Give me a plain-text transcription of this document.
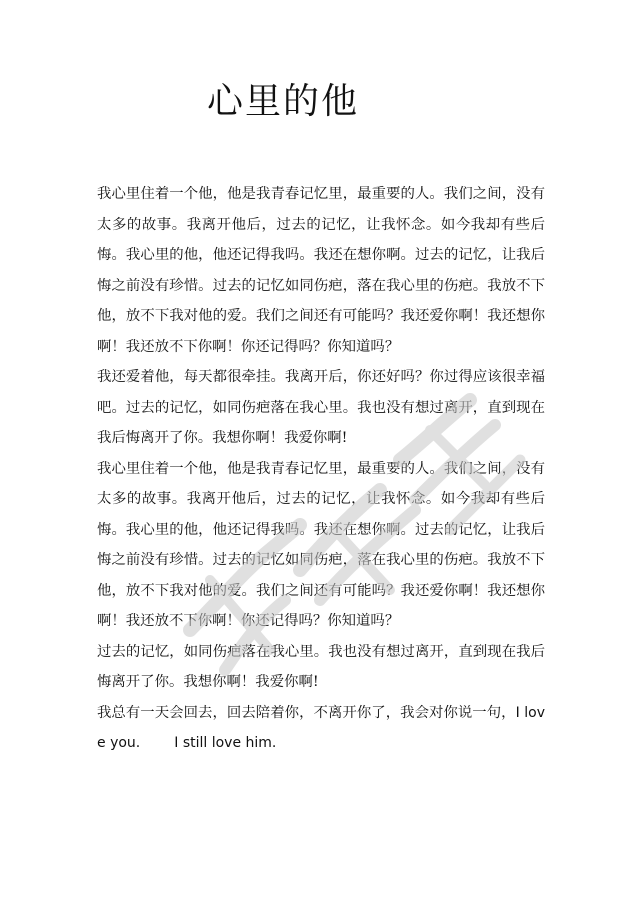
心里的他

我心里住着一个他，他是我青春记忆里，最重要的人。我们之间，没有太多的故事。我离开他后，过去的记忆，让我怀念。如今我却有些后悔。我心里的他，他还记得我吗。我还在想你啊。过去的记忆，让我后悔之前没有珍惜。过去的记忆如同伤疤，落在我心里的伤疤。我放不下 他，放不下我对他的爱。我们之间还有可能吗？我还爱你啊！我还想你啊！我还放不下你啊！你还记得吗？你知道吗？

我还爱着他，每天都很牵挂。我离开后，你还好吗？你过得应该很幸福吧。过去的记忆，如同伤疤落在我心里。我也没有想过离开，直到现在我后悔离开了你。我想你啊！我爱你啊!

我心里住着一个他，他是我青春记忆里，最重要的人。我们之间，没有太多的故事。我离开他后，过去的记忆，让我怀念。如今我却有些后悔。我心里的他，他还记得我吗。我还在想你啊。过去的记忆，让我后悔之前没有珍惜。过去的记忆如同伤疤，落在我心里的伤疤。我放不下 他，放不下我对他的爱。我们之间还有可能吗？我还爱你啊！我还想你啊！我还放不下你啊！你还记得吗？你知道吗？

过去的记忆，如同伤疤落在我心里。我也没有想过离开，直到现在我后悔离开了你。我想你啊！我爱你啊!

我总有一天会回去，回去陪着你，不离开你了，我会对你说一句，I love you. I still love him.
